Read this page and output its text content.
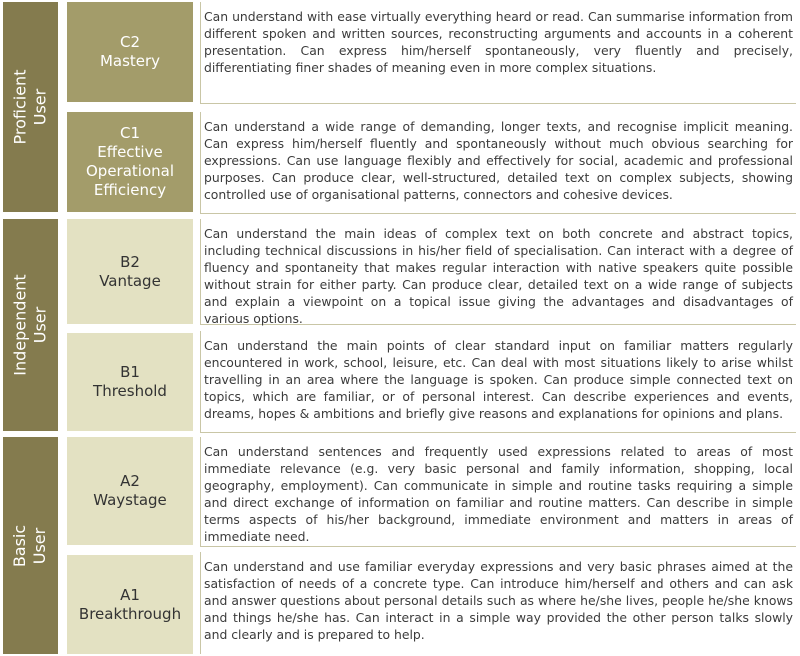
Proficient
User
Independent
User
Basic
User
C2
Mastery
C1
Effective
Operational
Efficiency
B2
Vantage
B1
Threshold
A2
Waystage
A1
Breakthrough
Can understand with ease virtually everything heard or read. Can summarise information from different spoken and written sources, reconstructing arguments and accounts in a coherent presentation. Can express him/herself spontaneously, very fluently and precisely, differentiating finer shades of meaning even in more complex situations.
Can understand a wide range of demanding, longer texts, and recognise implicit meaning. Can express him/herself fluently and spontaneously without much obvious searching for expressions. Can use language flexibly and effectively for social, academic and professional purposes. Can produce clear, well-structured, detailed text on complex subjects, showing controlled use of organisational patterns, connectors and cohesive devices.
Can understand the main ideas of complex text on both concrete and abstract topics, including technical discussions in his/her field of specialisation. Can interact with a degree of fluency and spontaneity that makes regular interaction with native speakers quite possible without strain for either party. Can produce clear, detailed text on a wide range of subjects and explain a viewpoint on a topical issue giving the advantages and disadvantages of various options.
Can understand the main points of clear standard input on familiar matters regularly encountered in work, school, leisure, etc. Can deal with most situations likely to arise whilst travelling in an area where the language is spoken. Can produce simple connected text on topics, which are familiar, or of personal interest. Can describe experiences and events, dreams, hopes & ambitions and briefly give reasons and explanations for opinions and plans.
Can understand sentences and frequently used expressions related to areas of most immediate relevance (e.g. very basic personal and family information, shopping, local geography, employment). Can communicate in simple and routine tasks requiring a simple and direct exchange of information on familiar and routine matters. Can describe in simple terms aspects of his/her background, immediate environment and matters in areas of immediate need.
Can understand and use familiar everyday expressions and very basic phrases aimed at the satisfaction of needs of a concrete type. Can introduce him/herself and others and can ask and answer questions about personal details such as where he/she lives, people he/she knows and things he/she has. Can interact in a simple way provided the other person talks slowly and clearly and is prepared to help.
